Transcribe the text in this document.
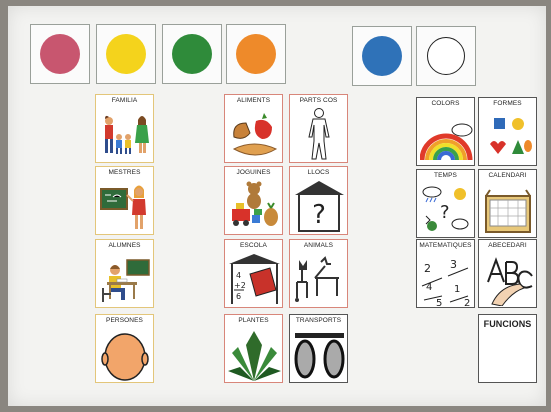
FAMILIA
MESTRES
ALUMNES
PERSONES
ALIMENTS	PARTS COS
JOGUINES	LLOCS
?
ESCOLA
4
+2
6
ANIMALS
PLANTES	TRANSPORTS
COLORS	FORMES
TEMPS
?
CALENDARI
MATEMATIQUES
2 3
4 1
5 2
ABECEDARI
FUNCIONS
